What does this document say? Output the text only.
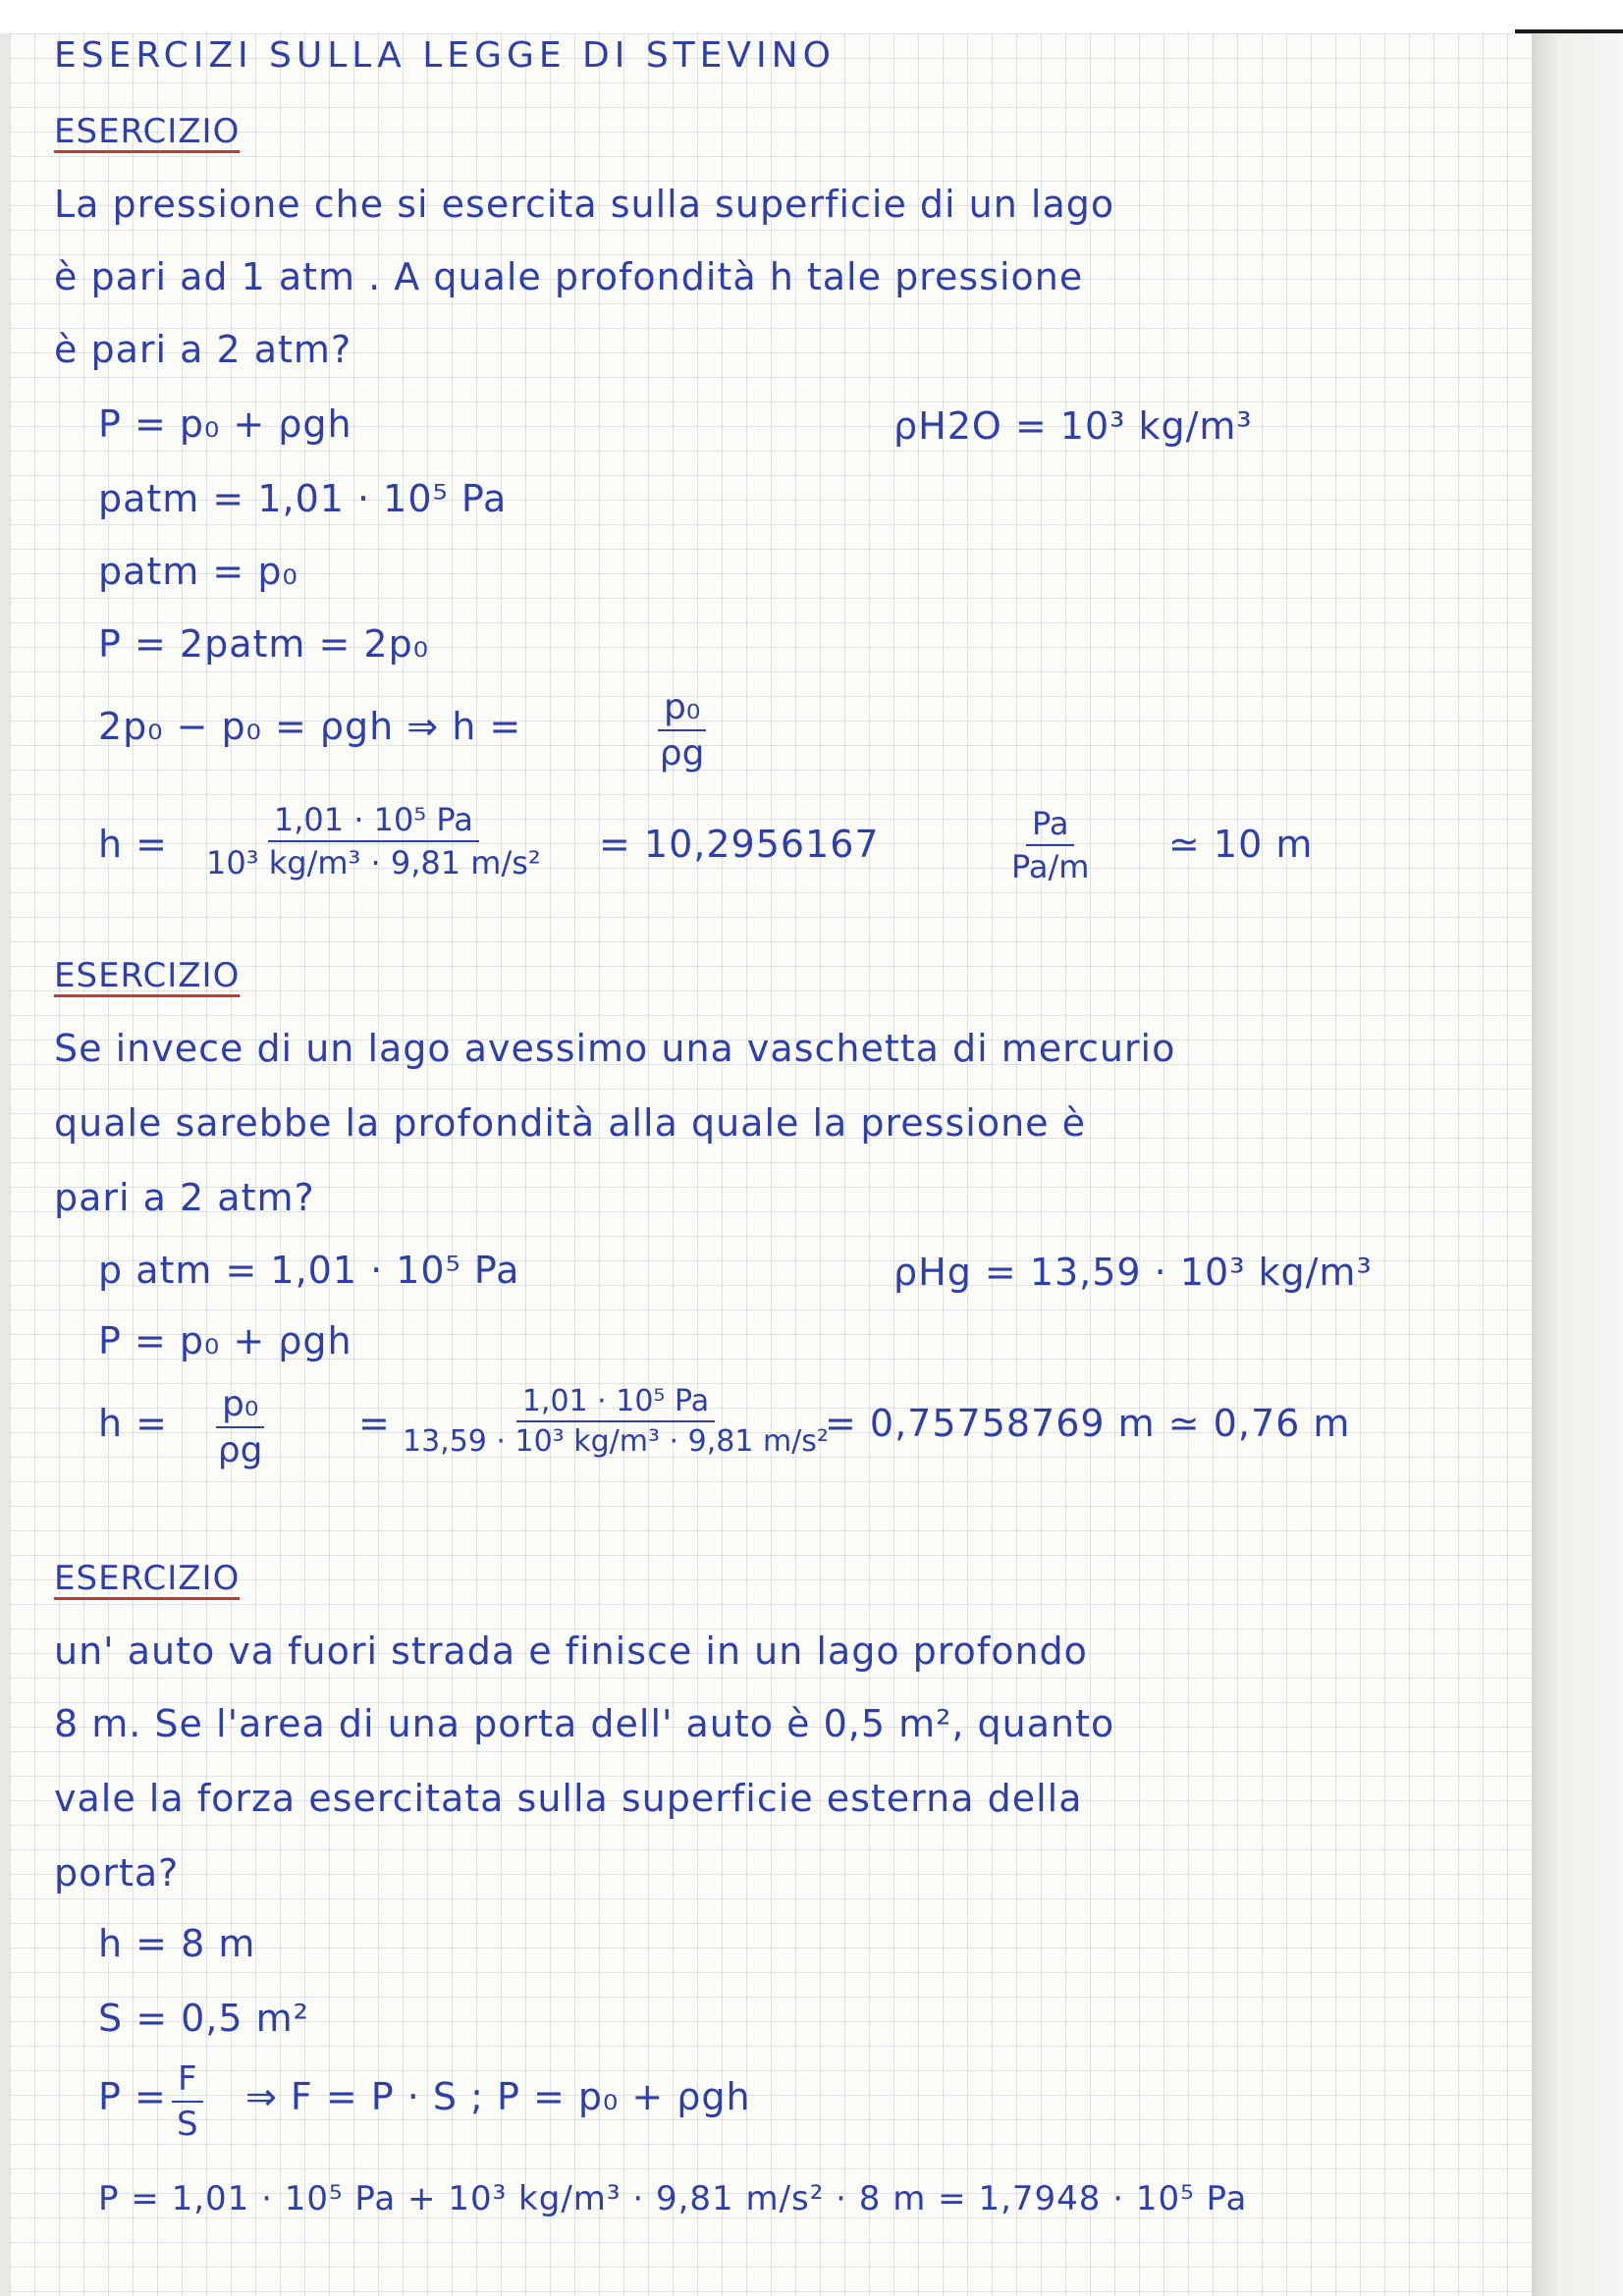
ESERCIZI SULLA LEGGE DI STEVINO
ESERCIZIO
La pressione che si esercita sulla superficie di un lago
è pari ad 1 atm . A quale profondità h tale pressione
è pari a 2 atm?
P = p₀ + ρgh	ρH2O = 10³ kg/m³
patm = 1,01 · 10⁵ Pa
patm = p₀
P = 2patm = 2p₀
2p₀ − p₀ = ρgh ⇒ h =	$\frac{\text{p₀}}{\rho g}$
$h = \frac{\text{1,01 · 10⁵ Pa}}{\text{10³ kg/m³ · 9,81 m/s²}} = 10,2956167$	$\frac{Pa}{Pa/m}$ ≃ 10 m
ESERCIZIO
Se invece di un lago avessimo una vaschetta di mercurio
quale sarebbe la profondità alla quale la pressione è
pari a 2 atm?
p atm = 1,01 · 10⁵ Pa	ρHg = 13,59 · 10³ kg/m³
P = p₀ + ρgh
$h = \frac{\text{p₀}}{\rho g}$	= $\frac{\text{1,01 · 10⁵ Pa}}{\text{13,59 · 10³ kg/m³ · 9,81 m/s²}}$
= 0,75758769 m ≃ 0,76 m
ESERCIZIO
un' auto va fuori strada e finisce in un lago profondo
8 m. Se l'area di una porta dell' auto è 0,5 m², quanto
vale la forza esercitata sulla superficie esterna della
porta?
h = 8 m
S = 0,5 m²
$P = \frac{F}{S}$ ⇒ F = P · S ; P = p₀ + ρgh
P = 1,01 · 10⁵ Pa + 10³ kg/m³ · 9,81 m/s² · 8 m = 1,7948 · 10⁵ Pa
